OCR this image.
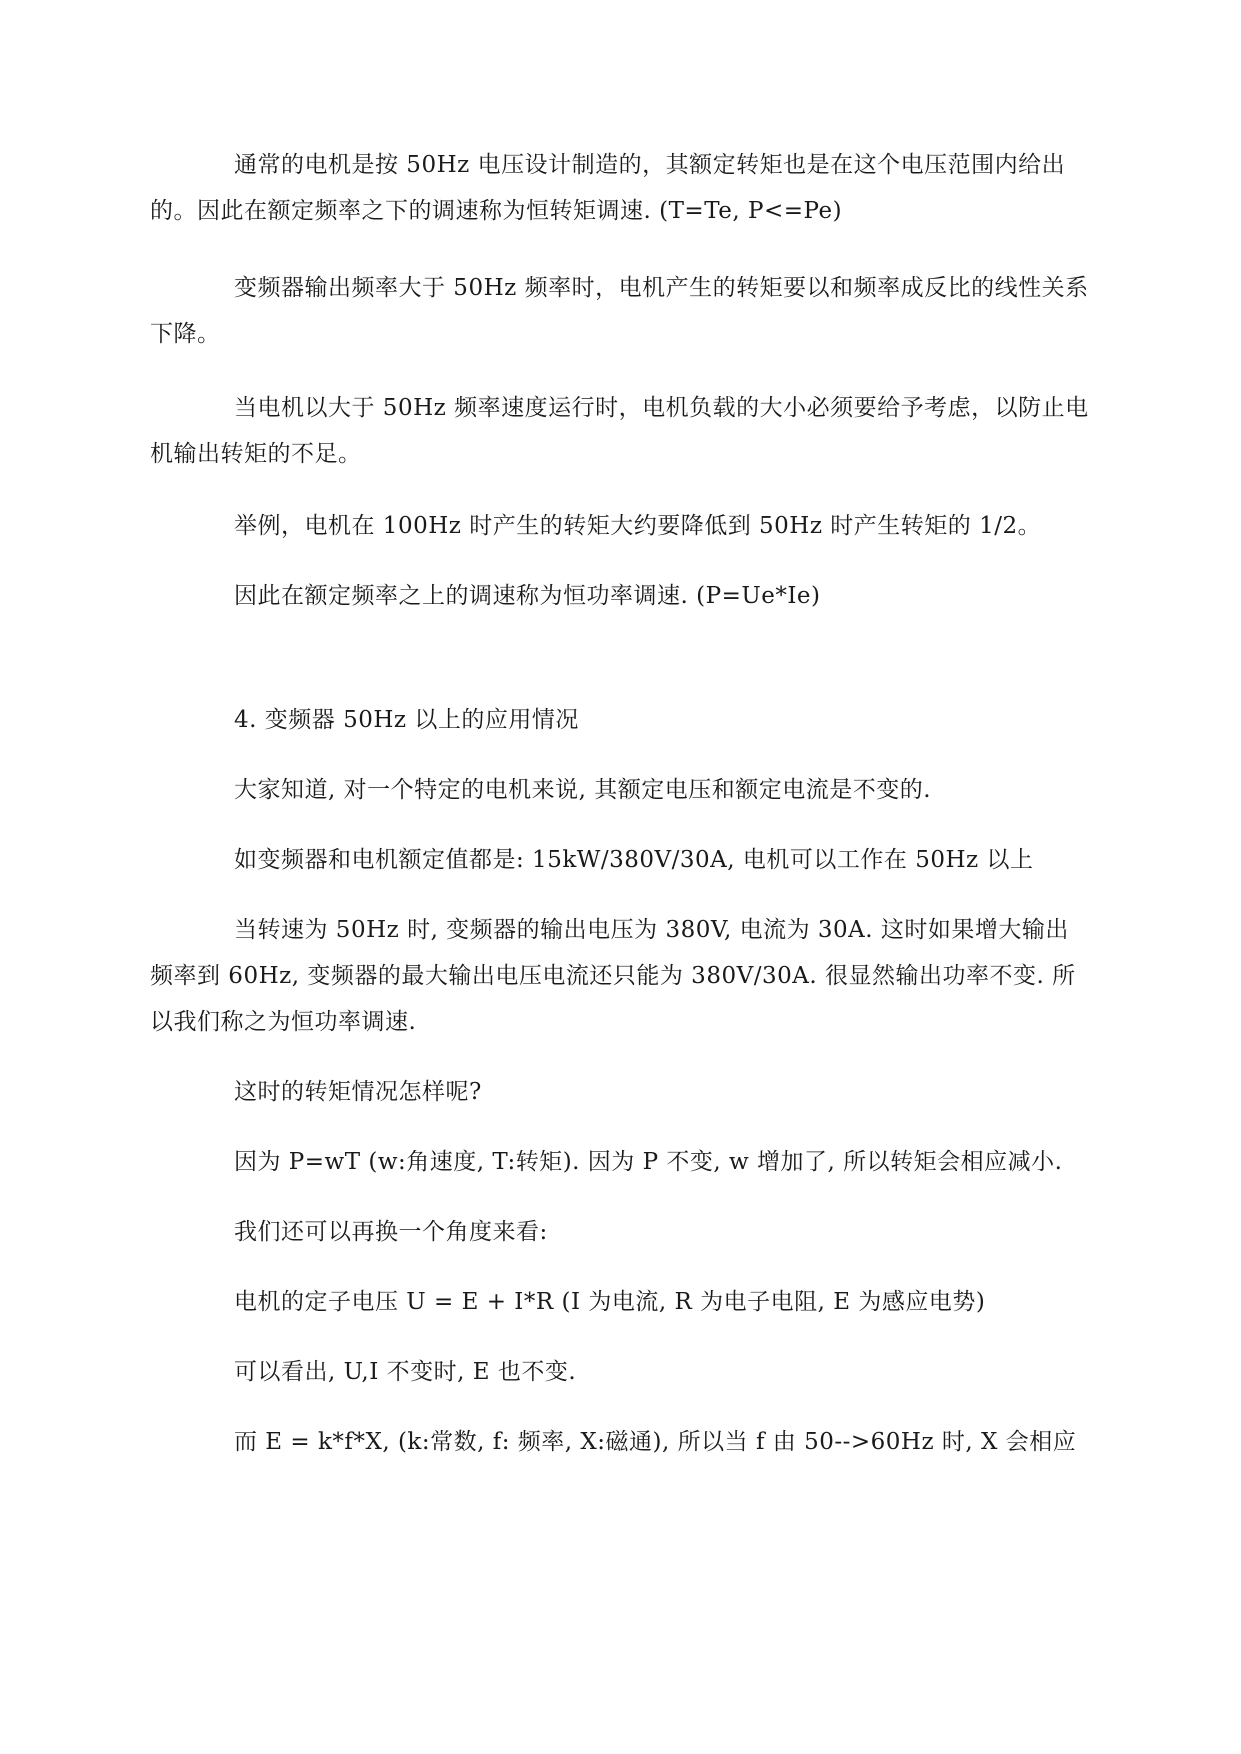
通常的电机是按 50Hz 电压设计制造的，其额定转矩也是在这个电压范围内给出的。因此在额定频率之下的调速称为恒转矩调速. (T=Te, P<=Pe)

变频器输出频率大于 50Hz 频率时，电机产生的转矩要以和频率成反比的线性关系下降。

当电机以大于 50Hz 频率速度运行时，电机负载的大小必须要给予考虑，以防止电机输出转矩的不足。

举例，电机在 100Hz 时产生的转矩大约要降低到 50Hz 时产生转矩的 1/2。

因此在额定频率之上的调速称为恒功率调速. (P=Ue*Ie)

4. 变频器 50Hz 以上的应用情况

大家知道, 对一个特定的电机来说, 其额定电压和额定电流是不变的.

如变频器和电机额定值都是: 15kW/380V/30A, 电机可以工作在 50Hz 以上

当转速为 50Hz 时, 变频器的输出电压为 380V, 电流为 30A. 这时如果增大输出频率到 60Hz, 变频器的最大输出电压电流还只能为 380V/30A. 很显然输出功率不变. 所以我们称之为恒功率调速.

这时的转矩情况怎样呢?

因为 P=wT (w:角速度, T:转矩). 因为 P 不变, w 增加了, 所以转矩会相应减小.

我们还可以再换一个角度来看:

电机的定子电压 U = E + I*R (I 为电流, R 为电子电阻, E 为感应电势)

可以看出, U,I 不变时, E 也不变.

而 E = k*f*X, (k:常数, f: 频率, X:磁通), 所以当 f 由 50-->60Hz 时, X 会相应
